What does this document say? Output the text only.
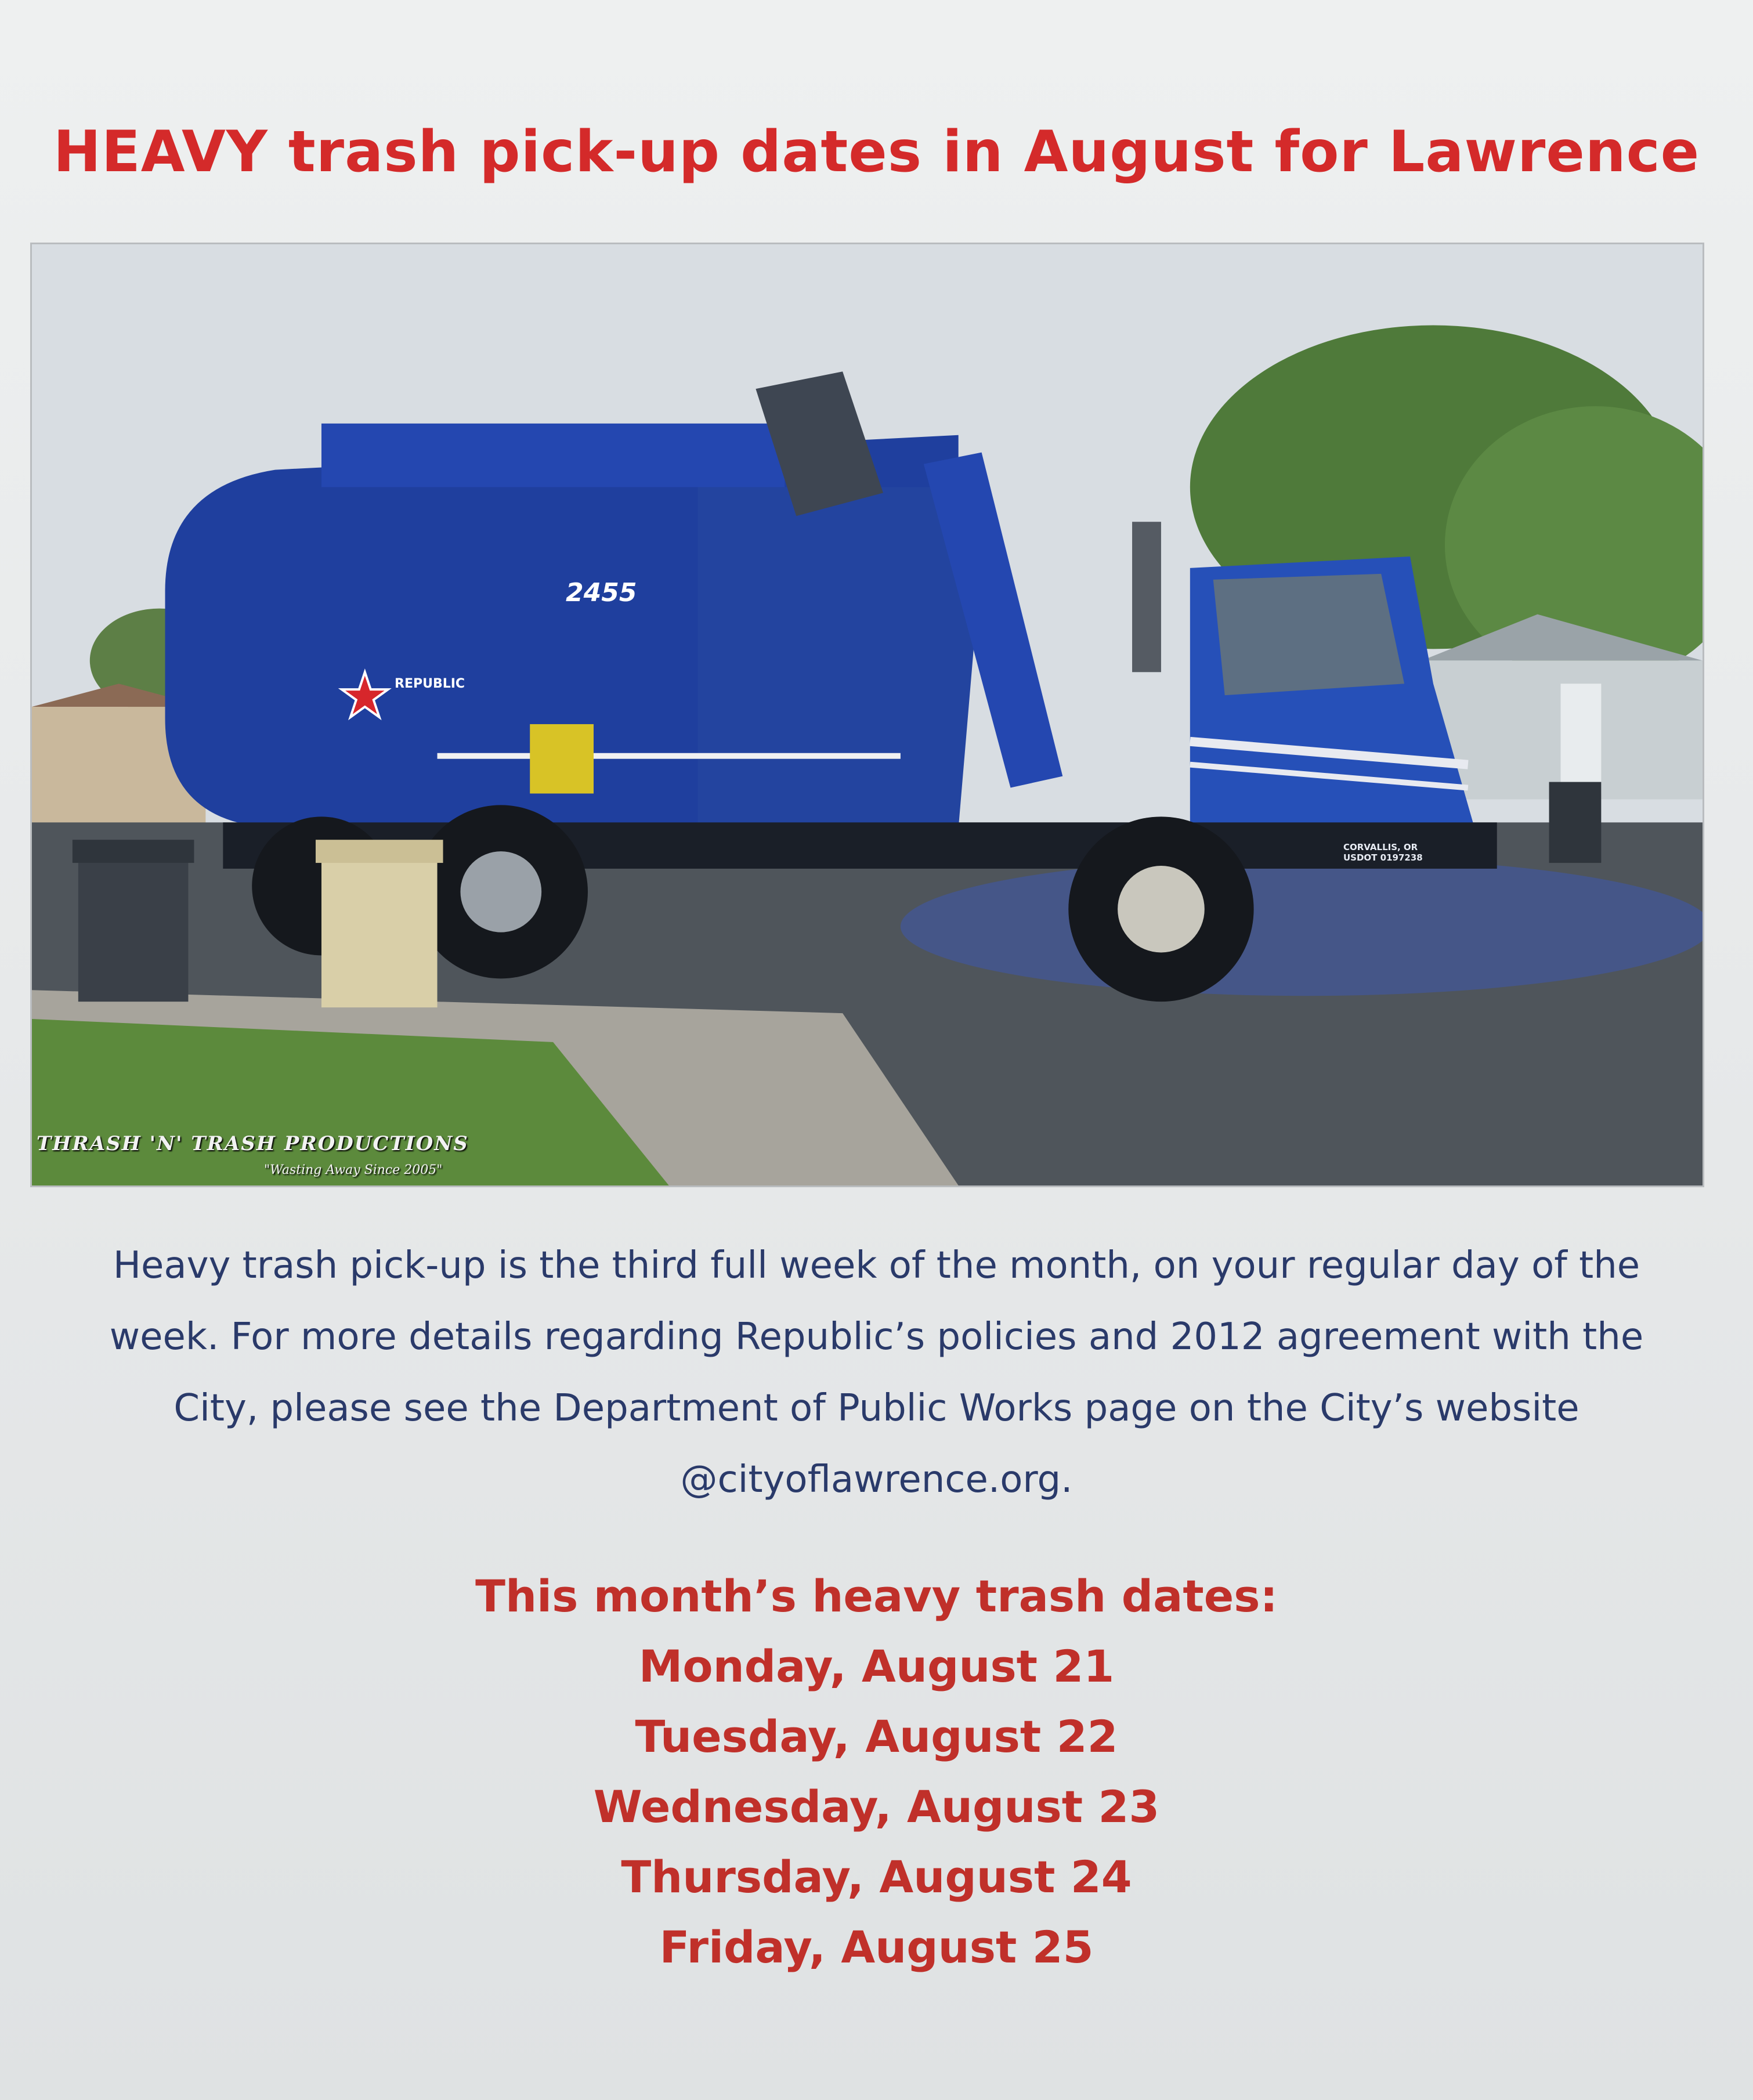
HEAVY trash pick-up dates in August for Lawrence
2455
REPUBLIC
CORVALLIS, OR
USDOT 0197238
THRASH 'N' TRASH PRODUCTIONS
"Wasting Away Since 2005"
Heavy trash pick-up is the third full week of the month, on your regular day of the
week. For more details regarding Republic’s policies and 2012 agreement with the
City, please see the Department of Public Works page on the City’s website
@cityoflawrence.org.
This month’s heavy trash dates:
Monday, August 21
Tuesday, August 22
Wednesday, August 23
Thursday, August 24
Friday, August 25
